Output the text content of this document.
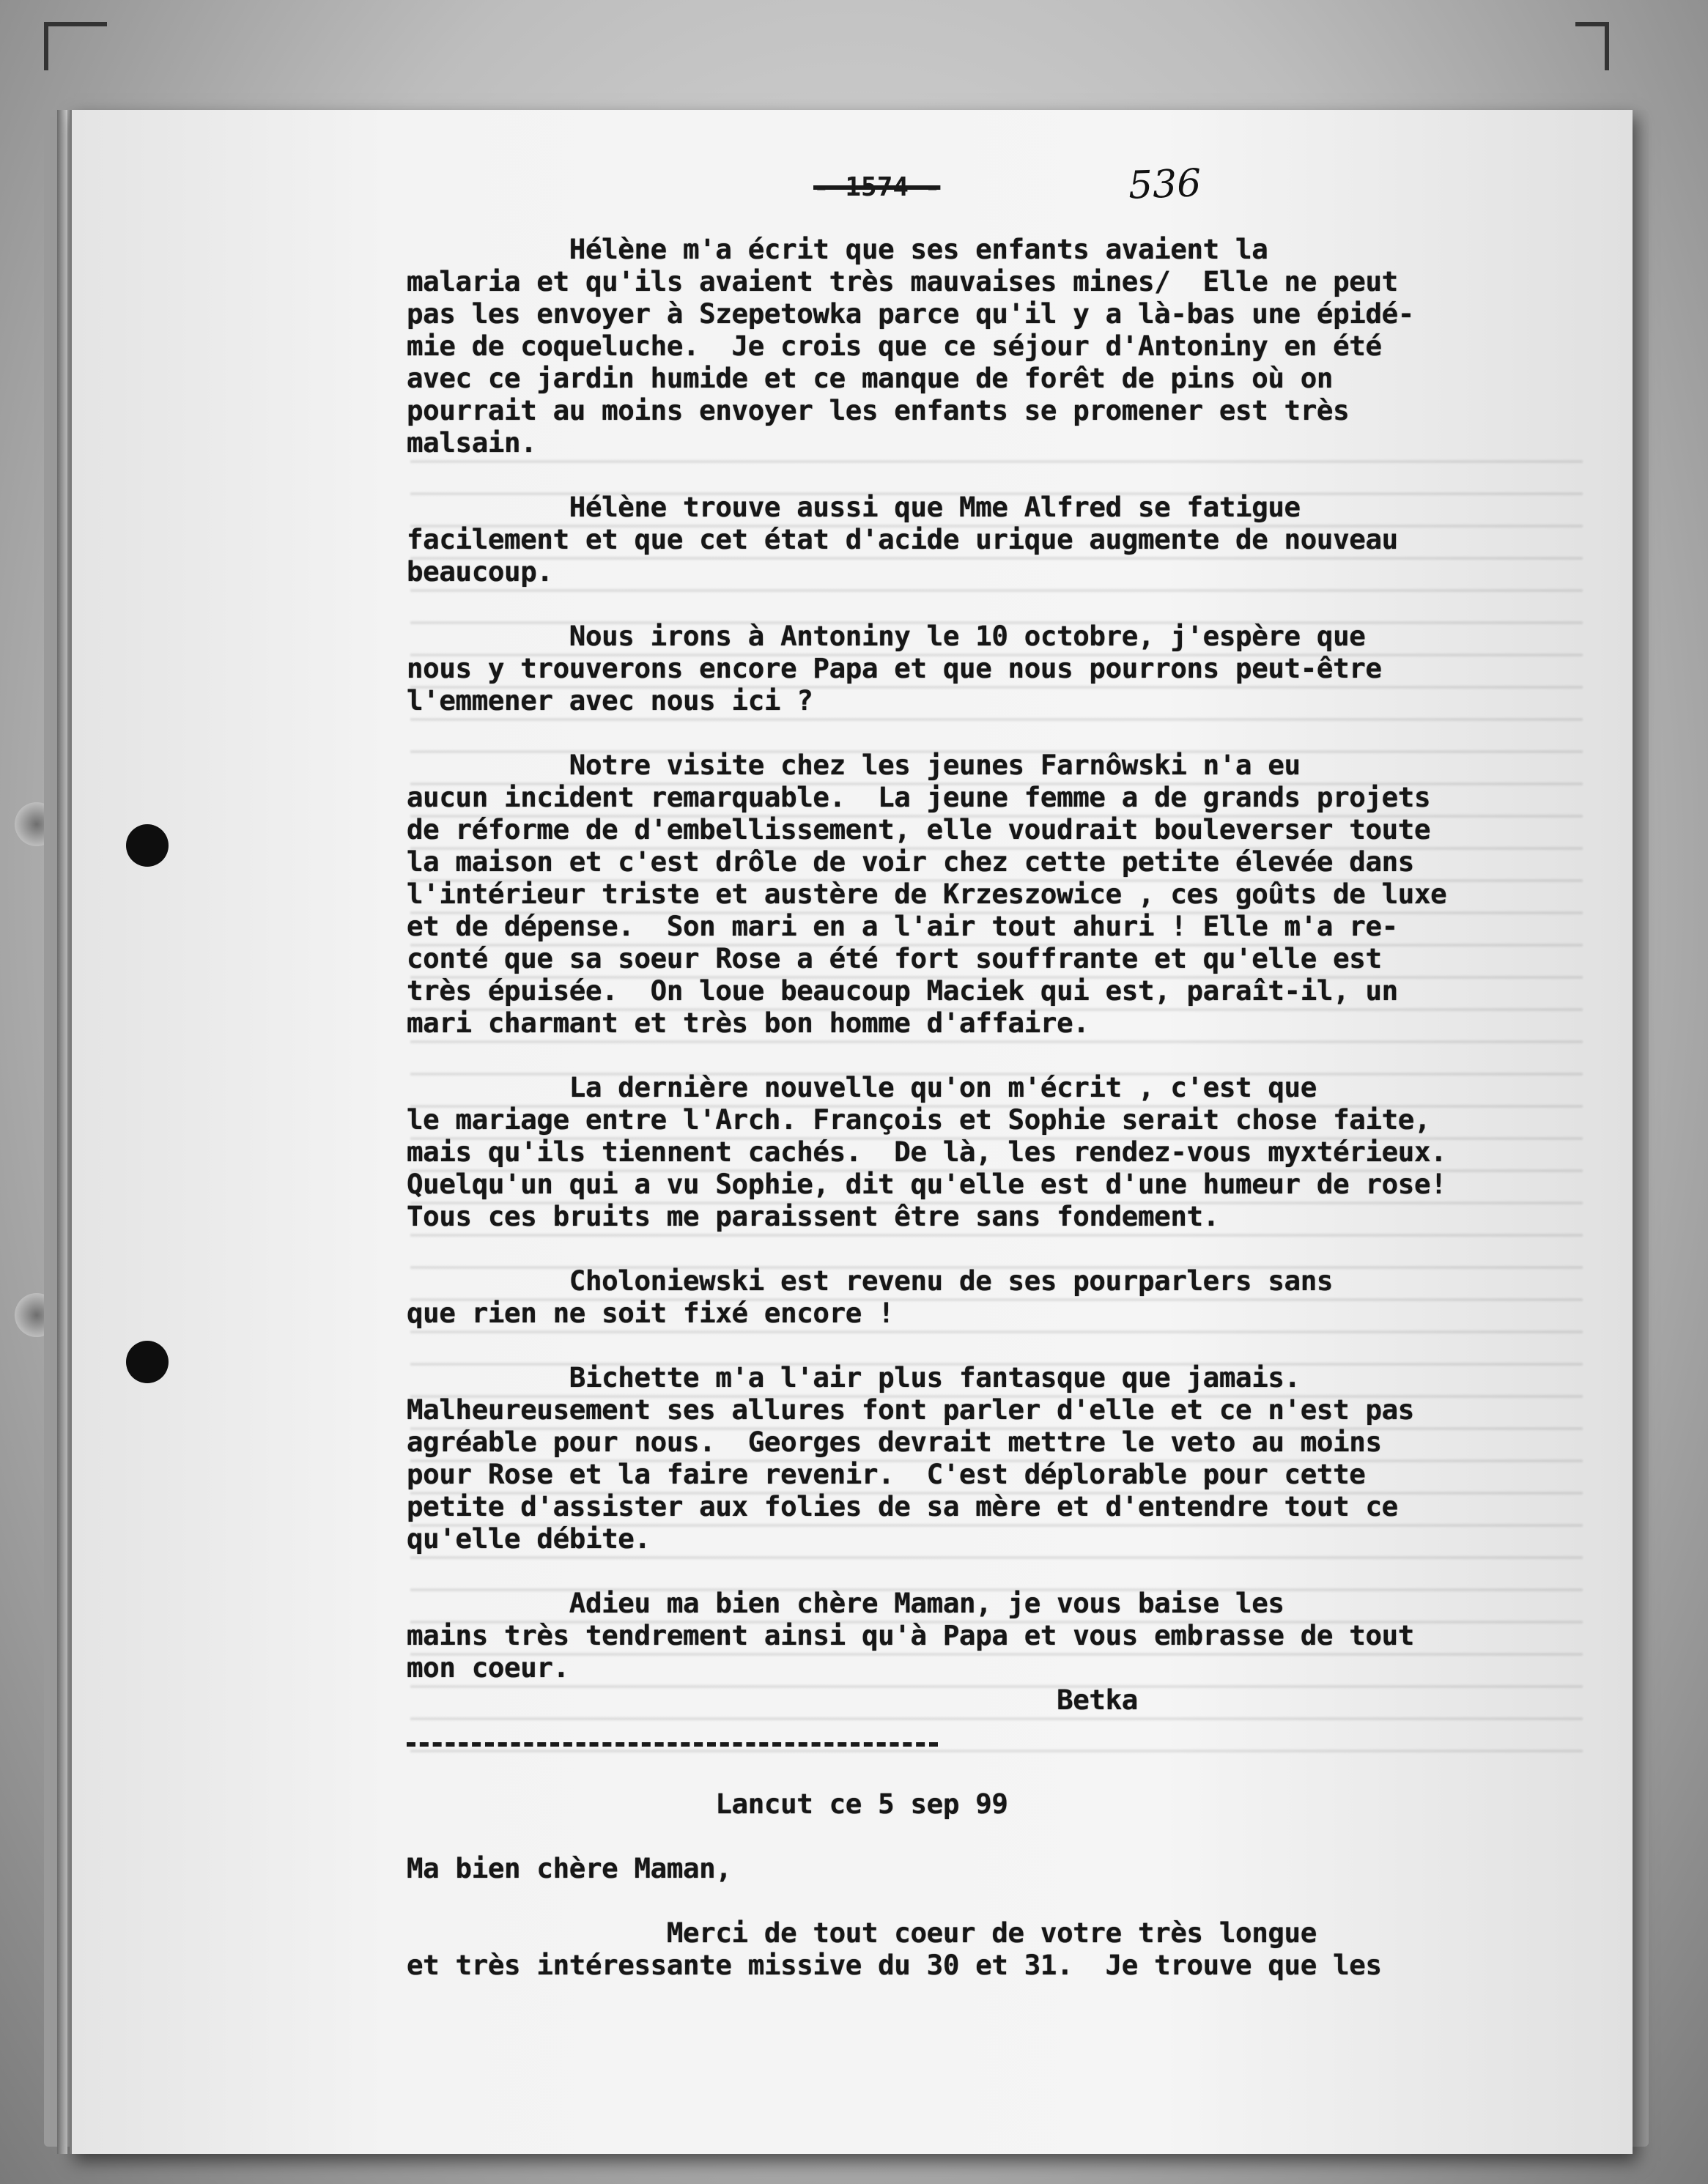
- 1574 -	536
Hélène m'a écrit que ses enfants avaient la
malaria et qu'ils avaient très mauvaises mines/  Elle ne peut
pas les envoyer à Szepetowka parce qu'il y a là-bas une épidé-
mie de coqueluche.  Je crois que ce séjour d'Antoniny en été
avec ce jardin humide et ce manque de forêt de pins où on
pourrait au moins envoyer les enfants se promener est très
malsain.

Hélène trouve aussi que Mme Alfred se fatigue
facilement et que cet état d'acide urique augmente de nouveau
beaucoup.

Nous irons à Antoniny le 10 octobre, j'espère que
nous y trouverons encore Papa et que nous pourrons peut-être
l'emmener avec nous ici ?

Notre visite chez les jeunes Farnôwski n'a eu
aucun incident remarquable.  La jeune femme a de grands projets
de réforme de d'embellissement, elle voudrait bouleverser toute
la maison et c'est drôle de voir chez cette petite élevée dans
l'intérieur triste et austère de Krzeszowice , ces goûts de luxe
et de dépense.  Son mari en a l'air tout ahuri ! Elle m'a re-
conté que sa soeur Rose a été fort souffrante et qu'elle est
très épuisée.  On loue beaucoup Maciek qui est, paraît-il, un
mari charmant et très bon homme d'affaire.

La dernière nouvelle qu'on m'écrit , c'est que
le mariage entre l'Arch. François et Sophie serait chose faite,
mais qu'ils tiennent cachés.  De là, les rendez-vous myxtérieux.
Quelqu'un qui a vu Sophie, dit qu'elle est d'une humeur de rose!
Tous ces bruits me paraissent être sans fondement.

Choloniewski est revenu de ses pourparlers sans
que rien ne soit fixé encore !

Bichette m'a l'air plus fantasque que jamais.
Malheureusement ses allures font parler d'elle et ce n'est pas
agréable pour nous.  Georges devrait mettre le veto au moins
pour Rose et la faire revenir.  C'est déplorable pour cette
petite d'assister aux folies de sa mère et d'entendre tout ce
qu'elle débite.

Adieu ma bien chère Maman, je vous baise les
mains très tendrement ainsi qu'à Papa et vous embrasse de tout
mon coeur.
Betka
Lancut ce 5 sep 99

Ma bien chère Maman,

Merci de tout coeur de votre très longue
et très intéressante missive du 30 et 31.  Je trouve que les
